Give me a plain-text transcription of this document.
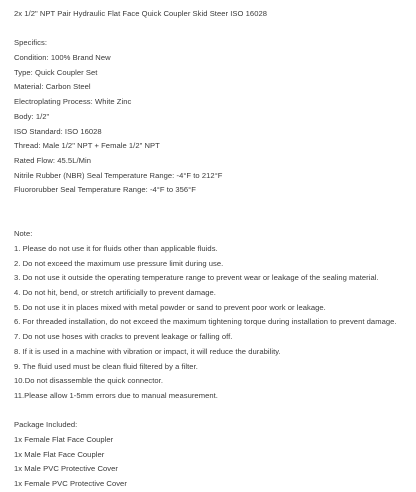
2x 1/2" NPT Pair Hydraulic Flat Face Quick Coupler Skid Steer ISO 16028
Specifics:
Condition: 100% Brand New
Type: Quick Coupler Set
Material: Carbon Steel
Electroplating Process: White Zinc
Body: 1/2"
ISO Standard: ISO 16028
Thread: Male 1/2" NPT + Female 1/2" NPT
Rated Flow: 45.5L/Min
Nitrile Rubber (NBR) Seal Temperature Range: -4°F to 212°F
Fluororubber Seal Temperature Range: -4°F to 356°F
Note:
1. Please do not use it for fluids other than applicable fluids.
2. Do not exceed the maximum use pressure limit during use.
3. Do not use it outside the operating temperature range to prevent wear or leakage of the sealing material.
4. Do not hit, bend, or stretch artificially to prevent damage.
5. Do not use it in places mixed with metal powder or sand to prevent poor work or leakage.
6. For threaded installation, do not exceed the maximum tightening torque during installation to prevent damage.
7. Do not use hoses with cracks to prevent leakage or falling off.
8. If it is used in a machine with vibration or impact, it will reduce the durability.
9. The fluid used must be clean fluid filtered by a filter.
10.Do not disassemble the quick connector.
11.Please allow 1-5mm errors due to manual measurement.
Package Included:
1x Female Flat Face Coupler
1x Male Flat Face Coupler
1x Male PVC Protective Cover
1x Female PVC Protective Cover
